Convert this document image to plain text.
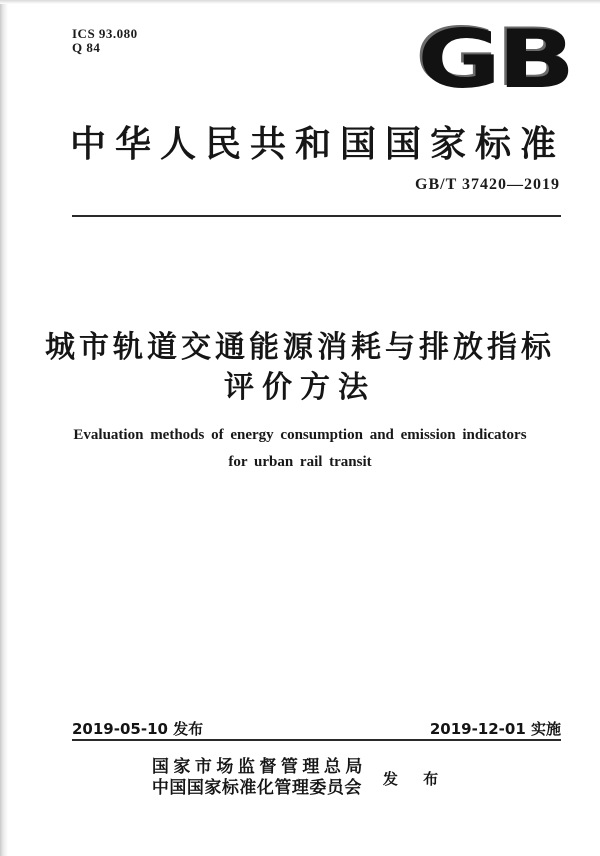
ICS 93.080
Q 84	GB
中华人民共和国国家标准
GB/T 37420—2019
城市轨道交通能源消耗与排放指标
评价方法
Evaluation methods of energy consumption and emission indicators
for urban rail transit
2019-05-10 发布	2019-12-01 实施
国家市场监督管理总局
中国国家标准化管理委员会	发 布
